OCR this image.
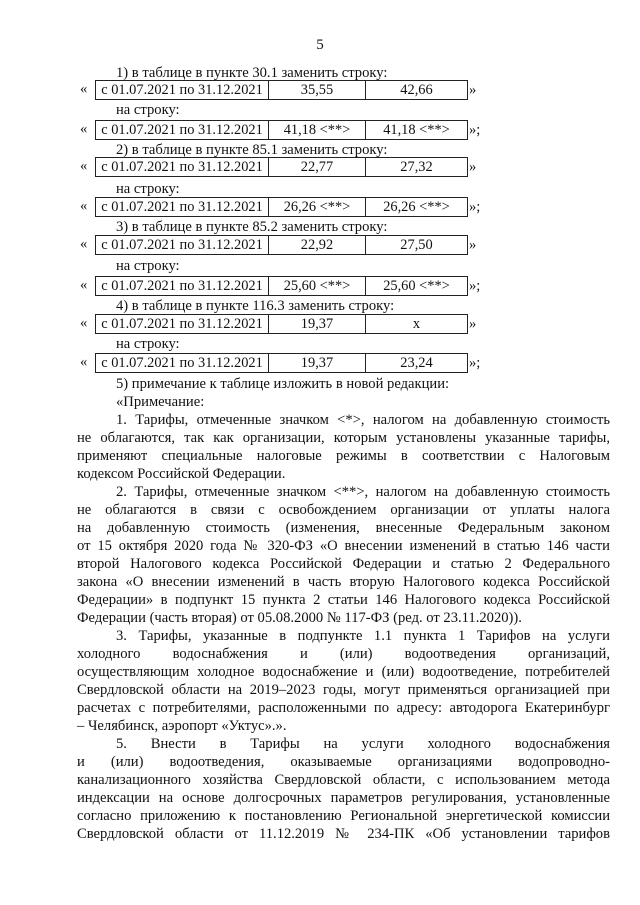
5
1) в таблице в пункте 30.1 заменить строку:
« с 01.07.2021 по 31.12.2021	35,55	42,66 »
на строку:
« с 01.07.2021 по 31.12.2021	41,18 <**>	41,18 <**> »;
2) в таблице в пункте 85.1 заменить строку:
« с 01.07.2021 по 31.12.2021	22,77	27,32 »
на строку:
« с 01.07.2021 по 31.12.2021	26,26 <**>	26,26 <**> »;
3) в таблице в пункте 85.2 заменить строку:
« с 01.07.2021 по 31.12.2021	22,92	27,50 »
на строку:
« с 01.07.2021 по 31.12.2021	25,60 <**>	25,60 <**> »;
4) в таблице в пункте 116.3 заменить строку:
« с 01.07.2021 по 31.12.2021	19,37	х	»
на строку:
« с 01.07.2021 по 31.12.2021	19,37	23,24 »;
5) примечание к таблице изложить в новой редакции:
«Примечание:
1. Тарифы, отмеченные значком <*>, налогом на добавленную стоимость
не облагаются, так как организации, которым установлены указанные тарифы,
применяют специальные налоговые режимы в соответствии с Налоговым
кодексом Российской Федерации.
2. Тарифы, отмеченные значком <**>, налогом на добавленную стоимость
не облагаются в связи с освобождением организации от уплаты налога
на добавленную стоимость (изменения, внесенные Федеральным законом
от 15 октября 2020 года № 320-ФЗ «О внесении изменений в статью 146 части
второй Налогового кодекса Российской Федерации и статью 2 Федерального
закона «О внесении изменений в часть вторую Налогового кодекса Российской
Федерации» в подпункт 15 пункта 2 статьи 146 Налогового кодекса Российской
Федерации (часть вторая) от 05.08.2000 № 117-ФЗ (ред. от 23.11.2020)).
3. Тарифы, указанные в подпункте 1.1 пункта 1 Тарифов на услуги
холодного водоснабжения и (или) водоотведения организаций,
осуществляющим холодное водоснабжение и (или) водоотведение, потребителей
Свердловской области на 2019–2023 годы, могут применяться организацией при
расчетах с потребителями, расположенными по адресу: автодорога Екатеринбург
– Челябинск, аэропорт «Уктус».».
5. Внести в Тарифы на услуги холодного водоснабжения
и (или) водоотведения, оказываемые организациями водопроводно-
канализационного хозяйства Свердловской области, с использованием метода
индексации на основе долгосрочных параметров регулирования, установленные
согласно приложению к постановлению Региональной энергетической комиссии
Свердловской области от 11.12.2019 № 234-ПК «Об установлении тарифов
